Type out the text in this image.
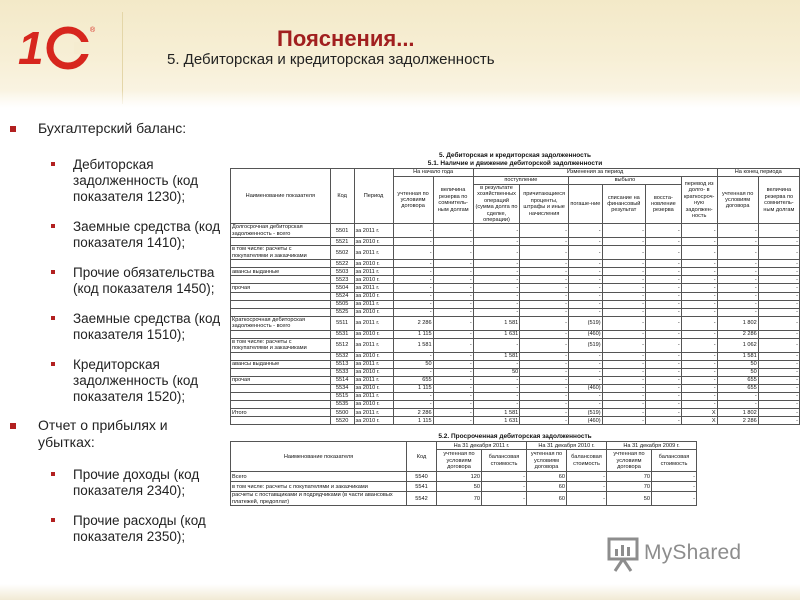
1	®	Пояснения...
5. Дебиторская и кредиторская задолженность
Бухгалтерский баланс:
Дебиторская задолженность (код показателя 1230);
Заемные средства (код показателя 1410);
Прочие обязательства (код показателя 1450);
Заемные средства (код показателя 1510);
Кредиторская задолженность (код показателя 1520);
Отчет о прибылях и убытках:
Прочие доходы (код показателя 2340);
Прочие расходы (код показателя 2350);
5. Дебиторская и кредиторская задолженность
5.1. Наличие и движение дебиторской задолженности
Наименование показателя	Код	Период	На начало года		Изменения за период						На конец периода	
			учтенная по условиям договора	величина резерва по сомнитель-ным долгам	поступление		выбыло			перевод из долго- в краткосроч-ную задолжен-ность	учтенная по условиям договора	величина резерва по сомнитель-ным долгам
					в результате хозяйственных операций (сумма долга по сделке, операции)	причитающиеся проценты, штрафы и иные начисления	погаше-ние	списание на финансовый результат	восста-новление резерва			
Долгосрочная дебиторская задолженность - всего	5501	за 2011 г.	-	-	-	-	-	-	-	-	-	-
	5521	за 2010 г.	-	-	-	-	-	-	-	-	-	-
в том числе: расчеты с покупателями и заказчиками	5502	за 2011 г.	-	-	-	-	-	-	-	-	-	-
	5522	за 2010 г.	-	-	-	-	-	-	-	-	-	-
авансы выданные	5503	за 2011 г.	-	-	-	-	-	-	-	-	-	-
	5523	за 2010 г.	-	-	-	-	-	-	-	-	-	-
прочая	5504	за 2011 г.	-	-	-	-	-	-	-	-	-	-
	5524	за 2010 г.	-	-	-	-	-	-	-	-	-	-
	5505	за 2011 г.	-	-	-	-	-	-	-	-	-	-
	5525	за 2010 г.	-	-	-	-	-	-	-	-	-	-
Краткосрочная дебиторская задолженность - всего	5511	за 2011 г.	2 286	-	1 581	-	(519)	-	-	-	1 802	-
	5531	за 2010 г.	1 115	-	1 631	-	(460)	-	-	-	2 286	-
в том числе: расчеты с покупателями и заказчиками	5512	за 2011 г.	1 581	-	-	-	(519)	-	-	-	1 062	-
	5532	за 2010 г.	-	-	1 581	-	-	-	-	-	1 581	-
авансы выданные	5513	за 2011 г.	50	-	-	-	-	-	-	-	50	-
	5533	за 2010 г.	-	-	50	-	-	-	-	-	50	-
прочая	5514	за 2011 г.	655	-	-	-	-	-	-	-	655	-
	5534	за 2010 г.	1 115	-	-	-	(460)	-	-	-	655	-
	5515	за 2011 г.	-	-	-	-	-	-	-	-	-	-
	5535	за 2010 г.	-	-	-	-	-	-	-	-	-	-
Итого	5500	за 2011 г.	2 286	-	1 581	-	(519)	-	-	X	1 802	-
	5520	за 2010 г.	1 115	-	1 631	-	(460)	-	-	X	2 286	-
5.2. Просроченная дебиторская задолженность
Наименование показателя	Код	На 31 декабря 2011 г.		На 31 декабря 2010 г.		На 31 декабря 2009 г.	
		учтенная по условиям договора	балансовая стоимость	учтенная по условиям договора	балансовая стоимость	учтенная по условиям договора	балансовая стоимость
Всего	5540	120	-	60	-	70	-
в том числе: расчеты с покупателями и заказчиками	5541	50	-	60	-	70	-
расчеты с поставщиками и подрядчиками (в части авансовых платежей, предоплат)	5542	70	-	60	-	50	-
MyShared
